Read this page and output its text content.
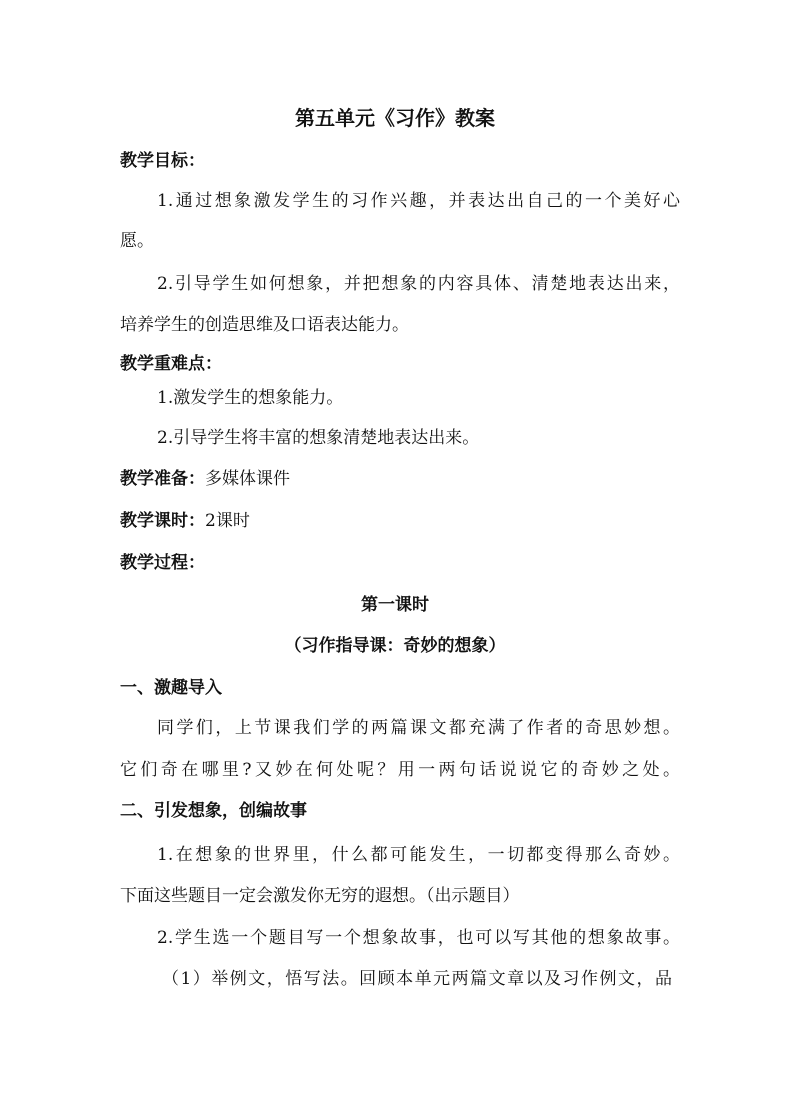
第五单元《习作》教案
教学目标：
1.通过想象激发学生的习作兴趣，并表达出自己的一个美好心
愿。
2.引导学生如何想象，并把想象的内容具体、清楚地表达出来，
培养学生的创造思维及口语表达能力。
教学重难点：
1.激发学生的想象能力。
2.引导学生将丰富的想象清楚地表达出来。
教学准备：多媒体课件
教学课时：2课时
教学过程：
第一课时
（习作指导课：奇妙的想象）
一、激趣导入
同学们，上节课我们学的两篇课文都充满了作者的奇思妙想。
它们奇在哪里?又妙在何处呢？用一两句话说说它的奇妙之处。
二、引发想象，创编故事
1.在想象的世界里，什么都可能发生，一切都变得那么奇妙。
下面这些题目一定会激发你无穷的遐想。（出示题目）
2.学生选一个题目写一个想象故事，也可以写其他的想象故事。
（1）举例文，悟写法。回顾本单元两篇文章以及习作例文，品
